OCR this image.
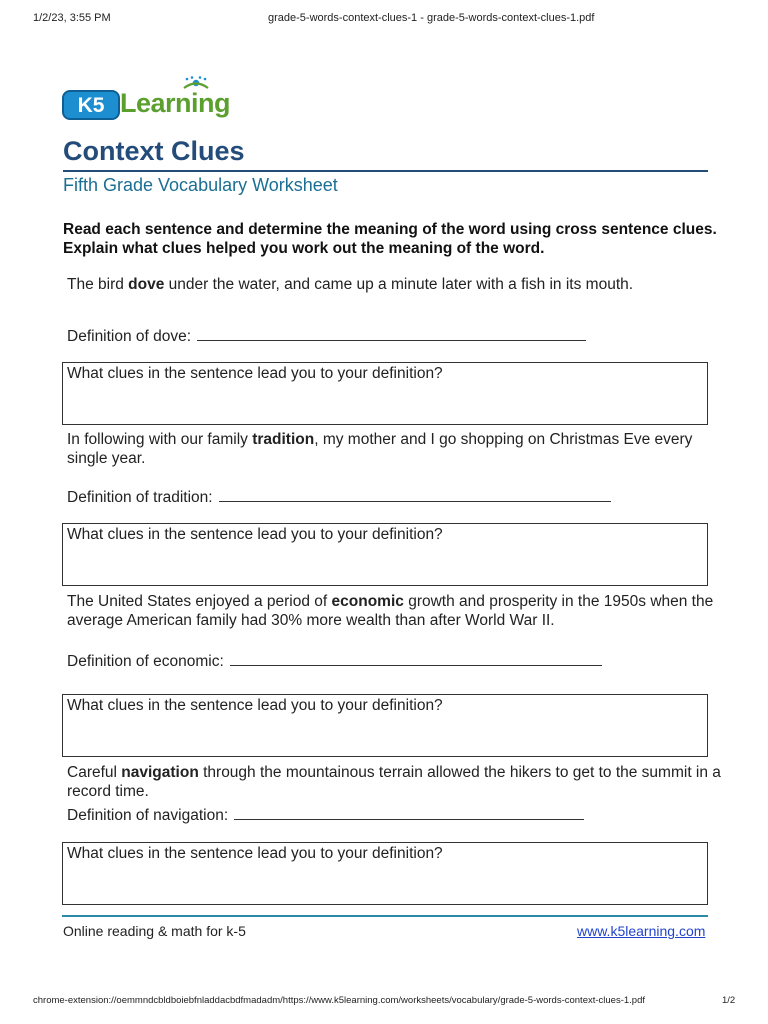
1/2/23, 3:55 PM	grade-5-words-context-clues-1 - grade-5-words-context-clues-1.pdf
K5 Learning
Context Clues
Fifth Grade Vocabulary Worksheet
Read each sentence and determine the meaning of the word using cross sentence clues. Explain what clues helped you work out the meaning of the word.
The bird dove under the water, and came up a minute later with a fish in its mouth.
Definition of dove:
What clues in the sentence lead you to your definition?
In following with our family tradition, my mother and I go shopping on Christmas Eve every single year.
Definition of tradition:
What clues in the sentence lead you to your definition?
The United States enjoyed a period of economic growth and prosperity in the 1950s when the average American family had 30% more wealth than after World War II.
Definition of economic:
What clues in the sentence lead you to your definition?
Careful navigation through the mountainous terrain allowed the hikers to get to the summit in a record time.
Definition of navigation:
What clues in the sentence lead you to your definition?
Online reading & math for k-5	www.k5learning.com
chrome-extension://oemmndcbldboiebfnladdacbdfmadadm/https://www.k5learning.com/worksheets/vocabulary/grade-5-words-context-clues-1.pdf	1/2
